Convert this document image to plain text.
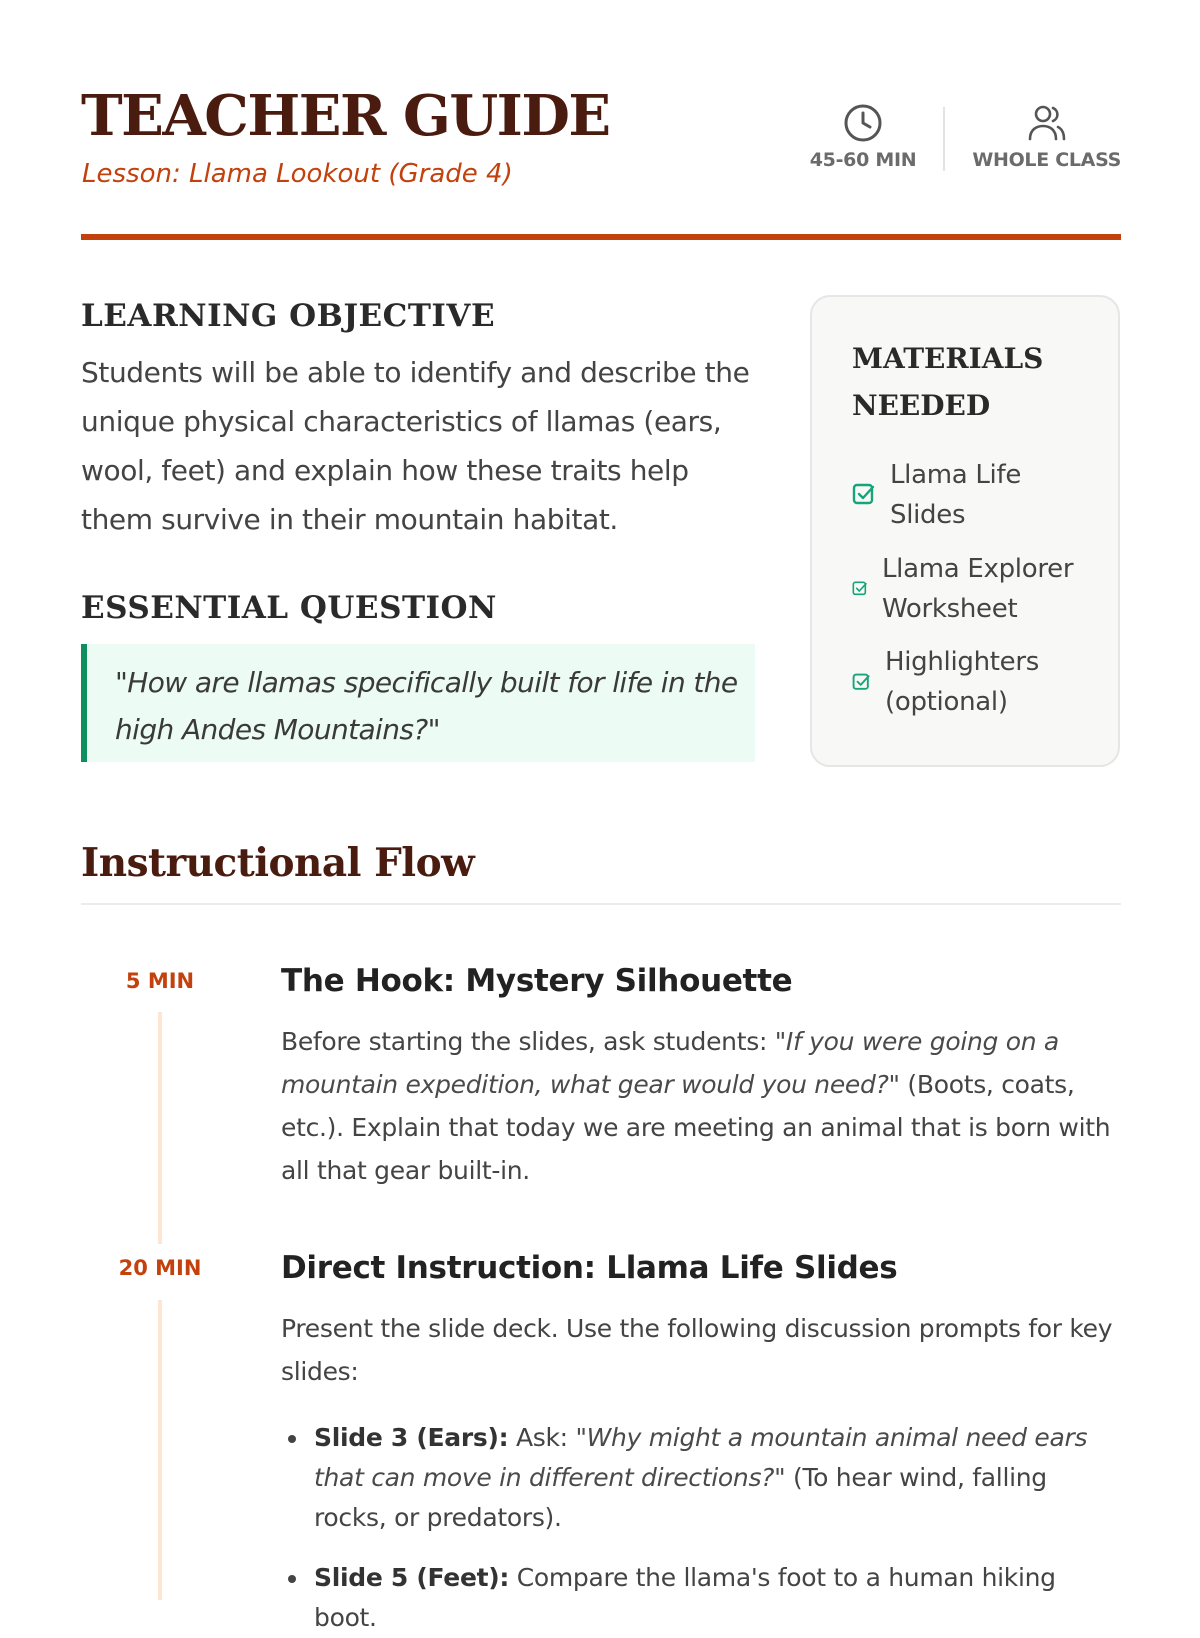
TEACHER GUIDE
Lesson: Llama Lookout (Grade 4)	45-60 MIN	WHOLE CLASS
LEARNING OBJECTIVE

Students will be able to identify and describe the unique physical characteristics of llamas (ears, wool, feet) and explain how these traits help them survive in their mountain habitat.

ESSENTIAL QUESTION
"How are llamas specifically built for life in the high Andes Mountains?"
MATERIALS NEEDED
Llama Life
Slides
Llama Explorer
Worksheet
Highlighters
(optional)
Instructional Flow
5 MIN	The Hook: Mystery Silhouette

Before starting the slides, ask students: "If you were going on a mountain expedition, what gear would you need?" (Boots, coats, etc.). Explain that today we are meeting an animal that is born with all that gear built-in.

20 MIN	Direct Instruction: Llama Life Slides

Present the slide deck. Use the following discussion prompts for key slides:

Slide 3 (Ears): Ask: "Why might a mountain animal need ears that can move in different directions?" (To hear wind, falling rocks, or predators).
Slide 5 (Feet): Compare the llama's foot to a human hiking boot.
